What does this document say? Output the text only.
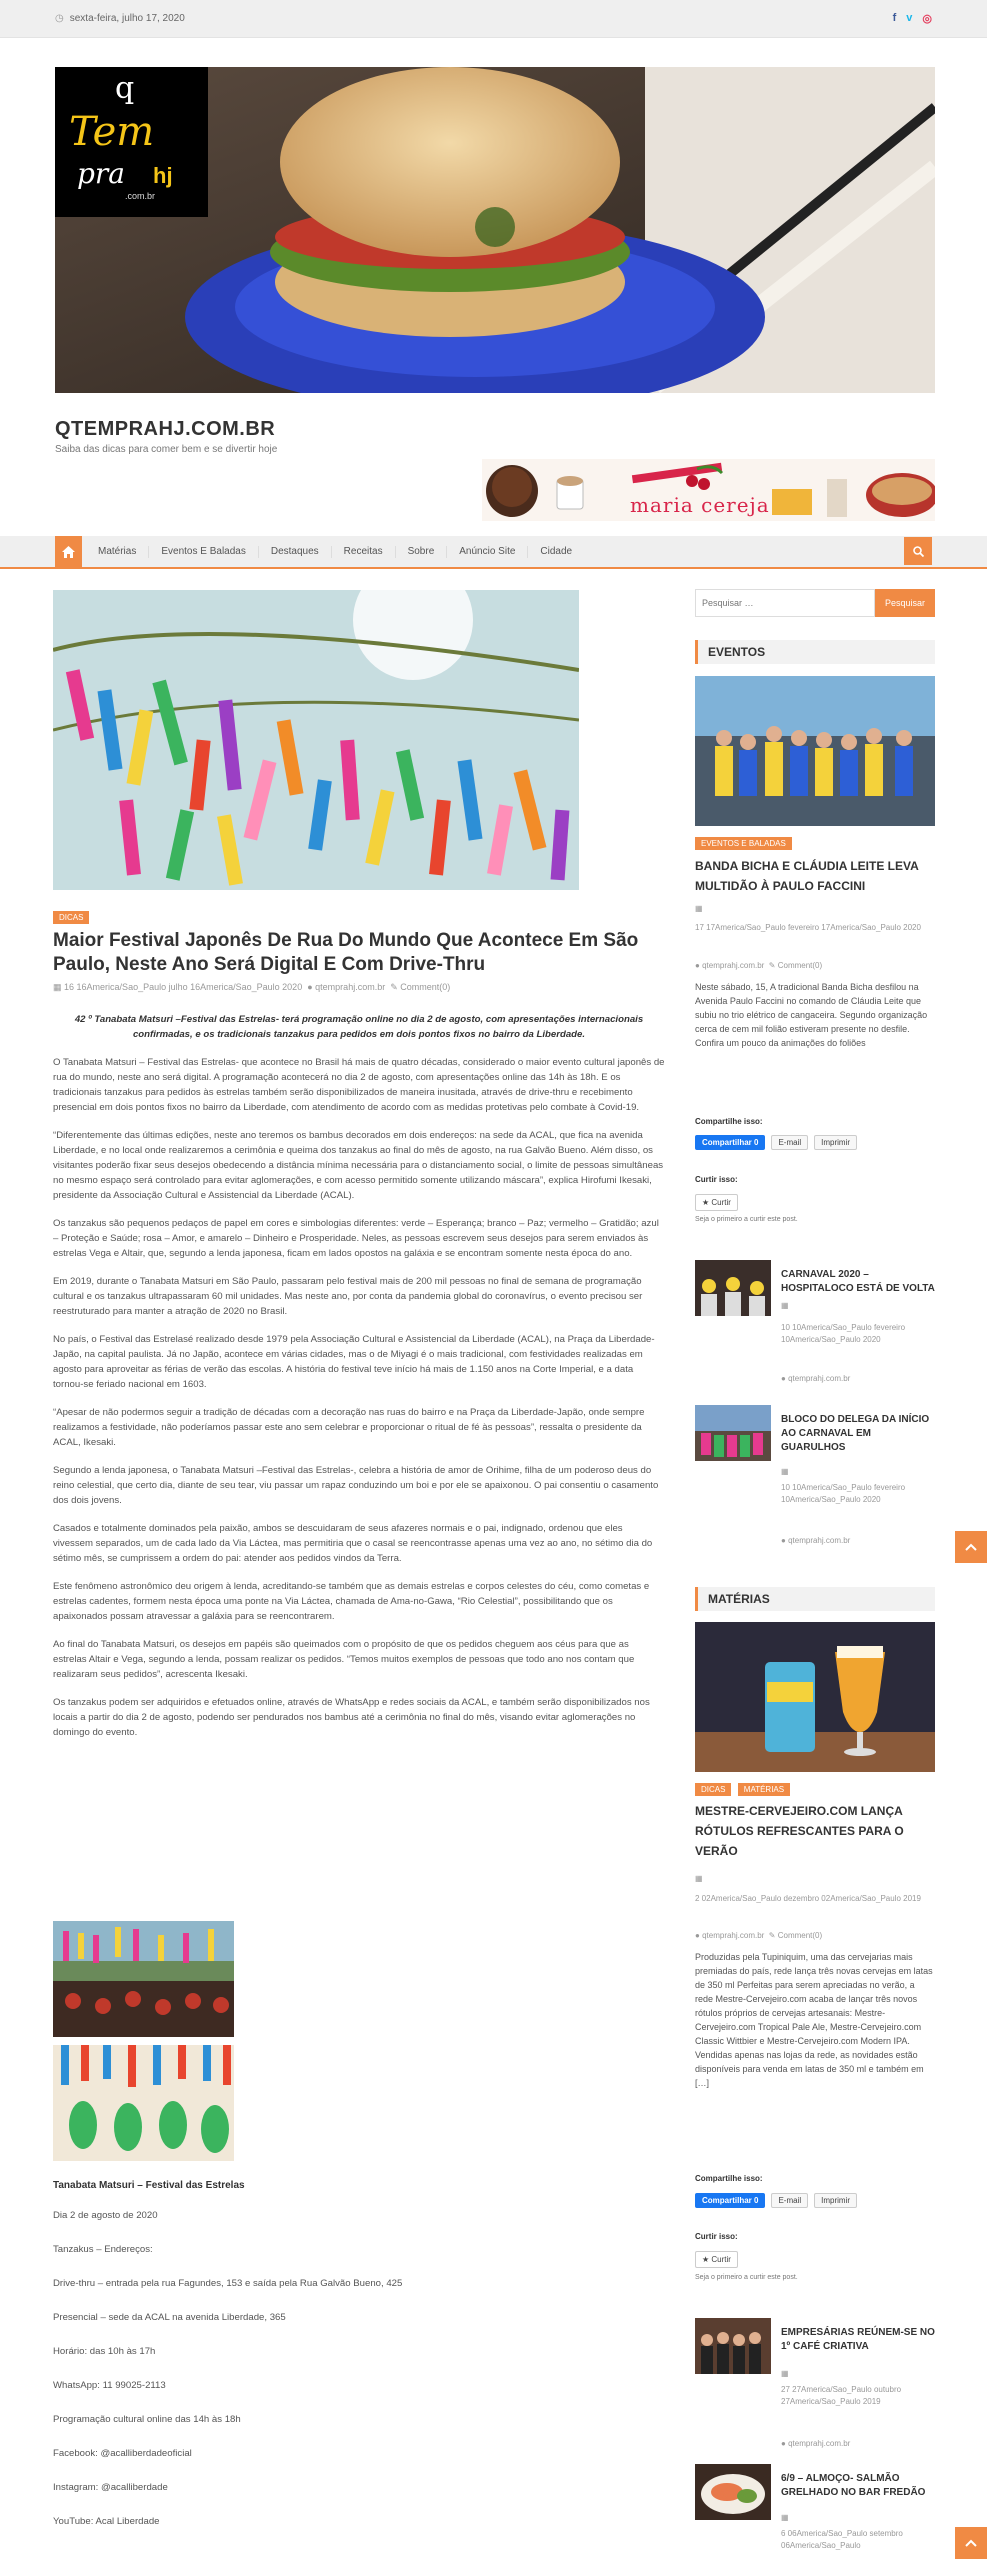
◷ sexta-feira, julho 17, 2020	f v ◎
q
Tem
pra hj
.com.br
QTEMPRAHJ.COM.BR
Saiba das dicas para comer bem e se divertir hoje
maria cereja
Matérias	Eventos E Baladas	Destaques	Receitas	Sobre	Anúncio Site	Cidade
DICAS
Maior Festival Japonês De Rua Do Mundo Que Acontece Em São Paulo, Neste Ano Será Digital E Com Drive-Thru
▦ 16 16America/Sao_Paulo julho 16America/Sao_Paulo 2020 ● qtemprahj.com.br ✎ Comment(0)

42 º Tanabata Matsuri –Festival das Estrelas- terá programação online no dia 2 de agosto, com apresentações internacionais confirmadas, e os tradicionais tanzakus para pedidos em dois pontos fixos no bairro da Liberdade.

O Tanabata Matsuri – Festival das Estrelas- que acontece no Brasil há mais de quatro décadas, considerado o maior evento cultural japonês de rua do mundo, neste ano será digital. A programação acontecerá no dia 2 de agosto, com apresentações online das 14h às 18h. E os tradicionais tanzakus para pedidos às estrelas também serão disponibilizados de maneira inusitada, através de drive-thru e recebimento presencial em dois pontos fixos no bairro da Liberdade, com atendimento de acordo com as medidas protetivas pelo combate à Covid-19.

“Diferentemente das últimas edições, neste ano teremos os bambus decorados em dois endereços: na sede da ACAL, que fica na avenida Liberdade, e no local onde realizaremos a cerimônia e queima dos tanzakus ao final do mês de agosto, na rua Galvão Bueno. Além disso, os visitantes poderão fixar seus desejos obedecendo a distância mínima necessária para o distanciamento social, o limite de pessoas simultâneas no mesmo espaço será controlado para evitar aglomerações, e com acesso permitido somente utilizando máscara”, explica Hirofumi Ikesaki, presidente da Associação Cultural e Assistencial da Liberdade (ACAL).

Os tanzakus são pequenos pedaços de papel em cores e simbologias diferentes: verde – Esperança; branco – Paz; vermelho – Gratidão; azul – Proteção e Saúde; rosa – Amor, e amarelo – Dinheiro e Prosperidade. Neles, as pessoas escrevem seus desejos para serem enviados às estrelas Vega e Altair, que, segundo a lenda japonesa, ficam em lados opostos na galáxia e se encontram somente nesta época do ano.

Em 2019, durante o Tanabata Matsuri em São Paulo, passaram pelo festival mais de 200 mil pessoas no final de semana de programação cultural e os tanzakus ultrapassaram 60 mil unidades. Mas neste ano, por conta da pandemia global do coronavírus, o evento precisou ser reestruturado para manter a atração de 2020 no Brasil.

No país, o Festival das Estrelasé realizado desde 1979 pela Associação Cultural e Assistencial da Liberdade (ACAL), na Praça da Liberdade-Japão, na capital paulista. Já no Japão, acontece em várias cidades, mas o de Miyagi é o mais tradicional, com festividades realizadas em agosto para aproveitar as férias de verão das escolas. A história do festival teve início há mais de 1.150 anos na Corte Imperial, e a data tornou-se feriado nacional em 1603.

“Apesar de não podermos seguir a tradição de décadas com a decoração nas ruas do bairro e na Praça da Liberdade-Japão, onde sempre realizamos a festividade, não poderíamos passar este ano sem celebrar e proporcionar o ritual de fé às pessoas”, ressalta o presidente da ACAL, Ikesaki.

Segundo a lenda japonesa, o Tanabata Matsuri –Festival das Estrelas-, celebra a história de amor de Orihime, filha de um poderoso deus do reino celestial, que certo dia, diante de seu tear, viu passar um rapaz conduzindo um boi e por ele se apaixonou. O pai consentiu o casamento dos dois jovens.

Casados e totalmente dominados pela paixão, ambos se descuidaram de seus afazeres normais e o pai, indignado, ordenou que eles vivessem separados, um de cada lado da Via Láctea, mas permitiria que o casal se reencontrasse apenas uma vez ao ano, no sétimo dia do sétimo mês, se cumprissem a ordem do pai: atender aos pedidos vindos da Terra.

Este fenômeno astronômico deu origem à lenda, acreditando-se também que as demais estrelas e corpos celestes do céu, como cometas e estrelas cadentes, formem nesta época uma ponte na Via Láctea, chamada de Ama-no-Gawa, “Rio Celestial”, possibilitando que os apaixonados possam atravessar a galáxia para se reencontrarem.

Ao final do Tanabata Matsuri, os desejos em papéis são queimados com o propósito de que os pedidos cheguem aos céus para que as estrelas Altair e Vega, segundo a lenda, possam realizar os pedidos. “Temos muitos exemplos de pessoas que todo ano nos contam que realizaram seus pedidos”, acrescenta Ikesaki.

Os tanzakus podem ser adquiridos e efetuados online, através de WhatsApp e redes sociais da ACAL, e também serão disponibilizados nos locais a partir do dia 2 de agosto, podendo ser pendurados nos bambus até a cerimônia no final do mês, visando evitar aglomerações no domingo do evento.

Tanabata Matsuri – Festival das Estrelas
Dia 2 de agosto de 2020
Tanzakus – Endereços:
Drive-thru – entrada pela rua Fagundes, 153 e saída pela Rua Galvão Bueno, 425
Presencial – sede da ACAL na avenida Liberdade, 365
Horário: das 10h às 17h
WhatsApp: 11 99025-2113
Programação cultural online das 14h às 18h
Facebook: @acalliberdadeoficial
Instagram: @acalliberdade
YouTube: Acal Liberdade
Pesquisar …
Pesquisar
EVENTOS
EVENTOS E BALADAS
BANDA BICHA E CLÁUDIA LEITE LEVA MULTIDÃO À PAULO FACCINI
▦
17 17America/Sao_Paulo fevereiro 17America/Sao_Paulo 2020
● qtemprahj.com.br ✎ Comment(0)
Neste sábado, 15, A tradicional Banda Bicha desfilou na Avenida Paulo Faccini no comando de Cláudia Leite que subiu no trio elétrico de cangaceira. Segundo organização cerca de cem mil folião estiveram presente no desfile. Confira um pouco da animações do foliões
Compartilhe isso:
Compartilhar 0	E-mail	Imprimir
Curtir isso:
★ Curtir
Seja o primeiro a curtir este post.
CARNAVAL 2020 – HOSPITALOCO ESTÁ DE VOLTA
▦
10 10America/Sao_Paulo fevereiro 10America/Sao_Paulo 2020
● qtemprahj.com.br
BLOCO DO DELEGA DA INÍCIO AO CARNAVAL EM GUARULHOS
▦
10 10America/Sao_Paulo fevereiro 10America/Sao_Paulo 2020
● qtemprahj.com.br
MATÉRIAS
DICAS MATÉRIAS
MESTRE-CERVEJEIRO.COM LANÇA RÓTULOS REFRESCANTES PARA O VERÃO
▦
2 02America/Sao_Paulo dezembro 02America/Sao_Paulo 2019
● qtemprahj.com.br ✎ Comment(0)
Produzidas pela Tupiniquim, uma das cervejarias mais premiadas do país, rede lança três novas cervejas em latas de 350 ml Perfeitas para serem apreciadas no verão, a rede Mestre-Cervejeiro.com acaba de lançar três novos rótulos próprios de cervejas artesanais: Mestre-Cervejeiro.com Tropical Pale Ale, Mestre-Cervejeiro.com Classic Wittbier e Mestre-Cervejeiro.com Modern IPA. Vendidas apenas nas lojas da rede, as novidades estão disponíveis para venda em latas de 350 ml e também em […]
Compartilhe isso:
Compartilhar 0	E-mail	Imprimir
Curtir isso:
★ Curtir
Seja o primeiro a curtir este post.
EMPRESÁRIAS REÚNEM-SE NO 1º CAFÉ CRIATIVA
▦
27 27America/Sao_Paulo outubro 27America/Sao_Paulo 2019
● qtemprahj.com.br
6/9 – ALMOÇO- SALMÃO GRELHADO NO BAR FREDÃO
▦
6 06America/Sao_Paulo setembro 06America/Sao_Paulo
